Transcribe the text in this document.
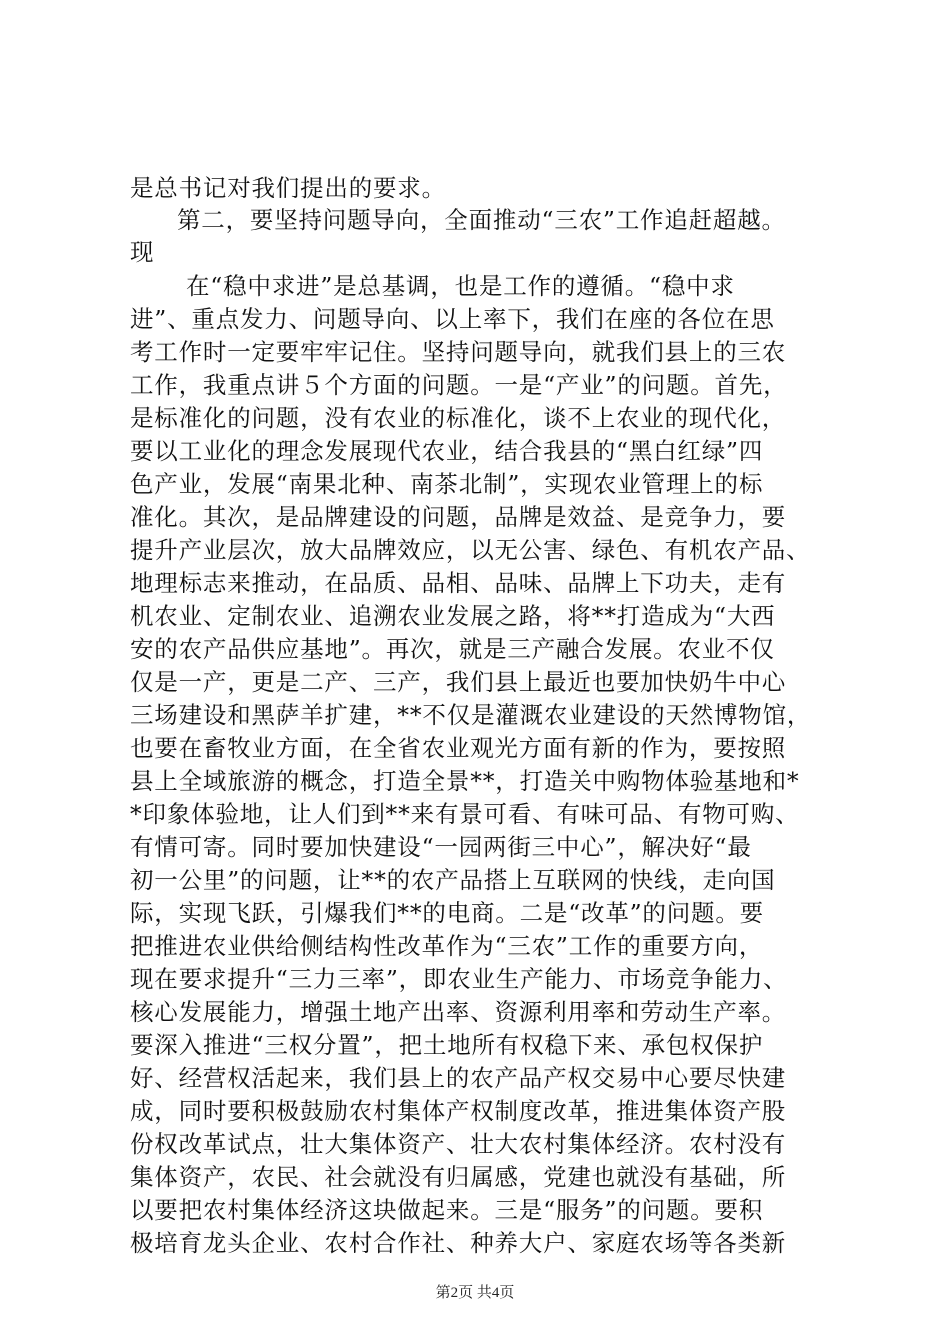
是总书记对我们提出的要求。
第二，要坚持问题导向，全面推动“三农”工作追赶超越。
现
在“稳中求进”是总基调，也是工作的遵循。“稳中求
进”、重点发力、问题导向、以上率下，我们在座的各位在思
考工作时一定要牢牢记住。坚持问题导向，就我们县上的三农
工作，我重点讲５个方面的问题。一是“产业”的问题。首先，
是标准化的问题，没有农业的标准化，谈不上农业的现代化，
要以工业化的理念发展现代农业，结合我县的“黑白红绿”四
色产业，发展“南果北种、南茶北制”，实现农业管理上的标
准化。其次，是品牌建设的问题，品牌是效益、是竞争力，要
提升产业层次，放大品牌效应，以无公害、绿色、有机农产品、
地理标志来推动，在品质、品相、品味、品牌上下功夫，走有
机农业、定制农业、追溯农业发展之路，将**打造成为“大西
安的农产品供应基地”。再次，就是三产融合发展。农业不仅
仅是一产，更是二产、三产，我们县上最近也要加快奶牛中心
三场建设和黑萨羊扩建，**不仅是灌溉农业建设的天然博物馆，
也要在畜牧业方面，在全省农业观光方面有新的作为，要按照
县上全域旅游的概念，打造全景**，打造关中购物体验基地和*
*印象体验地，让人们到**来有景可看、有味可品、有物可购、
有情可寄。同时要加快建设“一园两街三中心”，解决好“最
初一公里”的问题，让**的农产品搭上互联网的快线，走向国
际，实现飞跃，引爆我们**的电商。二是“改革”的问题。要
把推进农业供给侧结构性改革作为“三农”工作的重要方向，
现在要求提升“三力三率”，即农业生产能力、市场竞争能力、
核心发展能力，增强土地产出率、资源利用率和劳动生产率。
要深入推进“三权分置”，把土地所有权稳下来、承包权保护
好、经营权活起来，我们县上的农产品产权交易中心要尽快建
成，同时要积极鼓励农村集体产权制度改革，推进集体资产股
份权改革试点，壮大集体资产、壮大农村集体经济。农村没有
集体资产，农民、社会就没有归属感，党建也就没有基础，所
以要把农村集体经济这块做起来。三是“服务”的问题。要积
极培育龙头企业、农村合作社、种养大户、家庭农场等各类新
第2页 共4页
